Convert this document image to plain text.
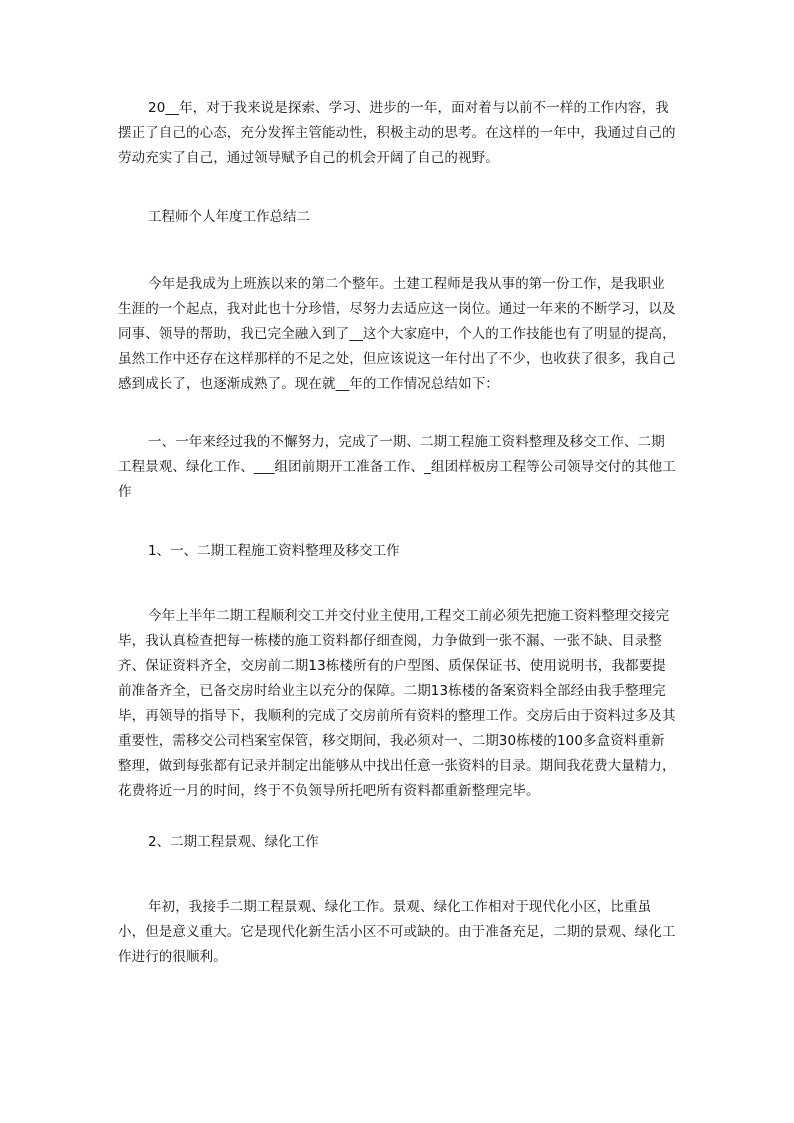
20__年，对于我来说是探索、学习、进步的一年，面对着与以前不一样的工作内容，我摆正了自己的心态，充分发挥主管能动性，积极主动的思考。在这样的一年中，我通过自己的劳动充实了自己，通过领导赋予自己的机会开阔了自己的视野。

工程师个人年度工作总结二

今年是我成为上班族以来的第二个整年。土建工程师是我从事的第一份工作，是我职业生涯的一个起点，我对此也十分珍惜，尽努力去适应这一岗位。通过一年来的不断学习，以及同事、领导的帮助，我已完全融入到了__这个大家庭中，个人的工作技能也有了明显的提高，虽然工作中还存在这样那样的不足之处，但应该说这一年付出了不少，也收获了很多，我自己感到成长了，也逐渐成熟了。现在就__年的工作情况总结如下：

一、一年来经过我的不懈努力，完成了一期、二期工程施工资料整理及移交工作、二期工程景观、绿化工作、___组团前期开工准备工作、_组团样板房工程等公司领导交付的其他工作

1、一、二期工程施工资料整理及移交工作

今年上半年二期工程顺利交工并交付业主使用,工程交工前必须先把施工资料整理交接完毕，我认真检查把每一栋楼的施工资料都仔细查阅，力争做到一张不漏、一张不缺、目录整齐、保证资料齐全，交房前二期13栋楼所有的户型图、质保保证书、使用说明书，我都要提前准备齐全，已备交房时给业主以充分的保障。二期13栋楼的备案资料全部经由我手整理完毕，再领导的指导下，我顺利的完成了交房前所有资料的整理工作。交房后由于资料过多及其重要性，需移交公司档案室保管，移交期间，我必须对一、二期30栋楼的100多盒资料重新整理，做到每张都有记录并制定出能够从中找出任意一张资料的目录。期间我花费大量精力，花费将近一月的时间，终于不负领导所托吧所有资料都重新整理完毕。

2、二期工程景观、绿化工作

年初，我接手二期工程景观、绿化工作。景观、绿化工作相对于现代化小区，比重虽小，但是意义重大。它是现代化新生活小区不可或缺的。由于准备充足，二期的景观、绿化工作进行的很顺利。
